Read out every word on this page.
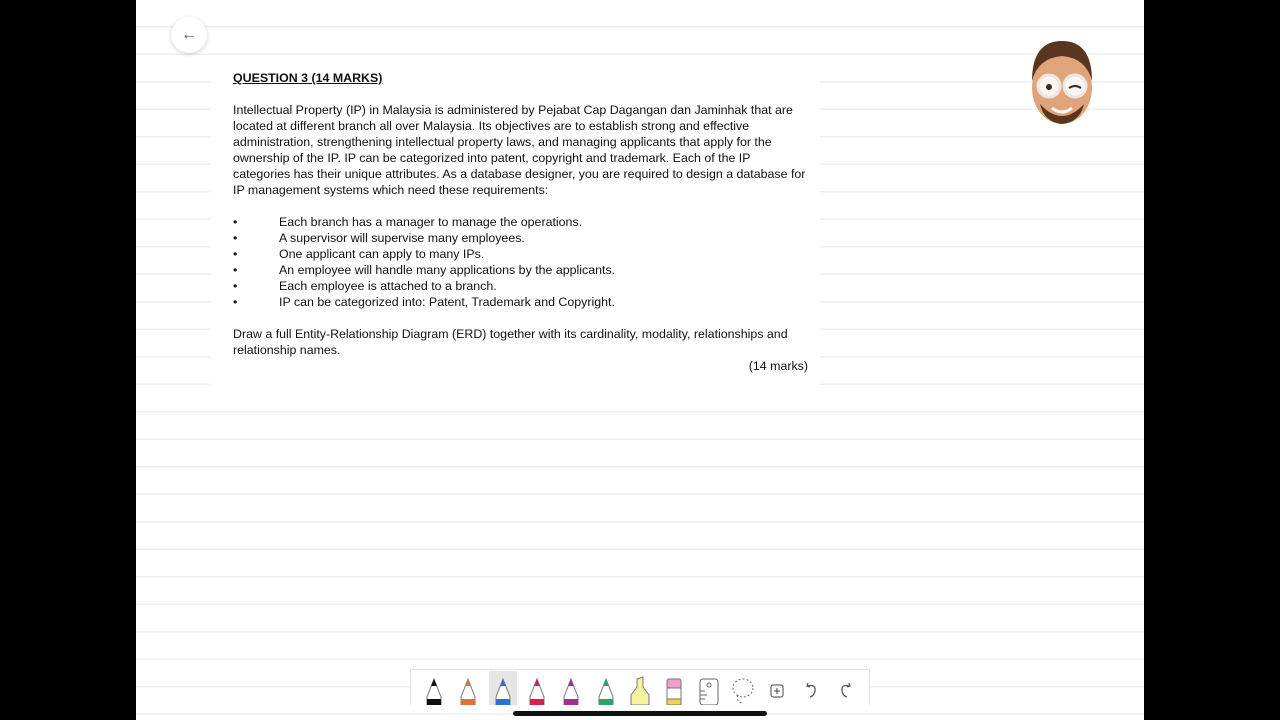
←
QUESTION 3 (14 MARKS)

Intellectual Property (IP) in Malaysia is administered by Pejabat Cap Dagangan dan Jaminhak that are located at different branch all over Malaysia. Its objectives are to establish strong and effective administration, strengthening intellectual property laws, and managing applicants that apply for the ownership of the IP. IP can be categorized into patent, copyright and trademark. Each of the IP categories has their unique attributes. As a database designer, you are required to design a database for IP management systems which need these requirements:

•	Each branch has a manager to manage the operations.
•	A supervisor will supervise many employees.
•	One applicant can apply to many IPs.
•	An employee will handle many applications by the applicants.
•	Each employee is attached to a branch.
•	IP can be categorized into: Patent, Trademark and Copyright.

Draw a full Entity-Relationship Diagram (ERD) together with its cardinality, modality, relationships and relationship names.

(14 marks)
